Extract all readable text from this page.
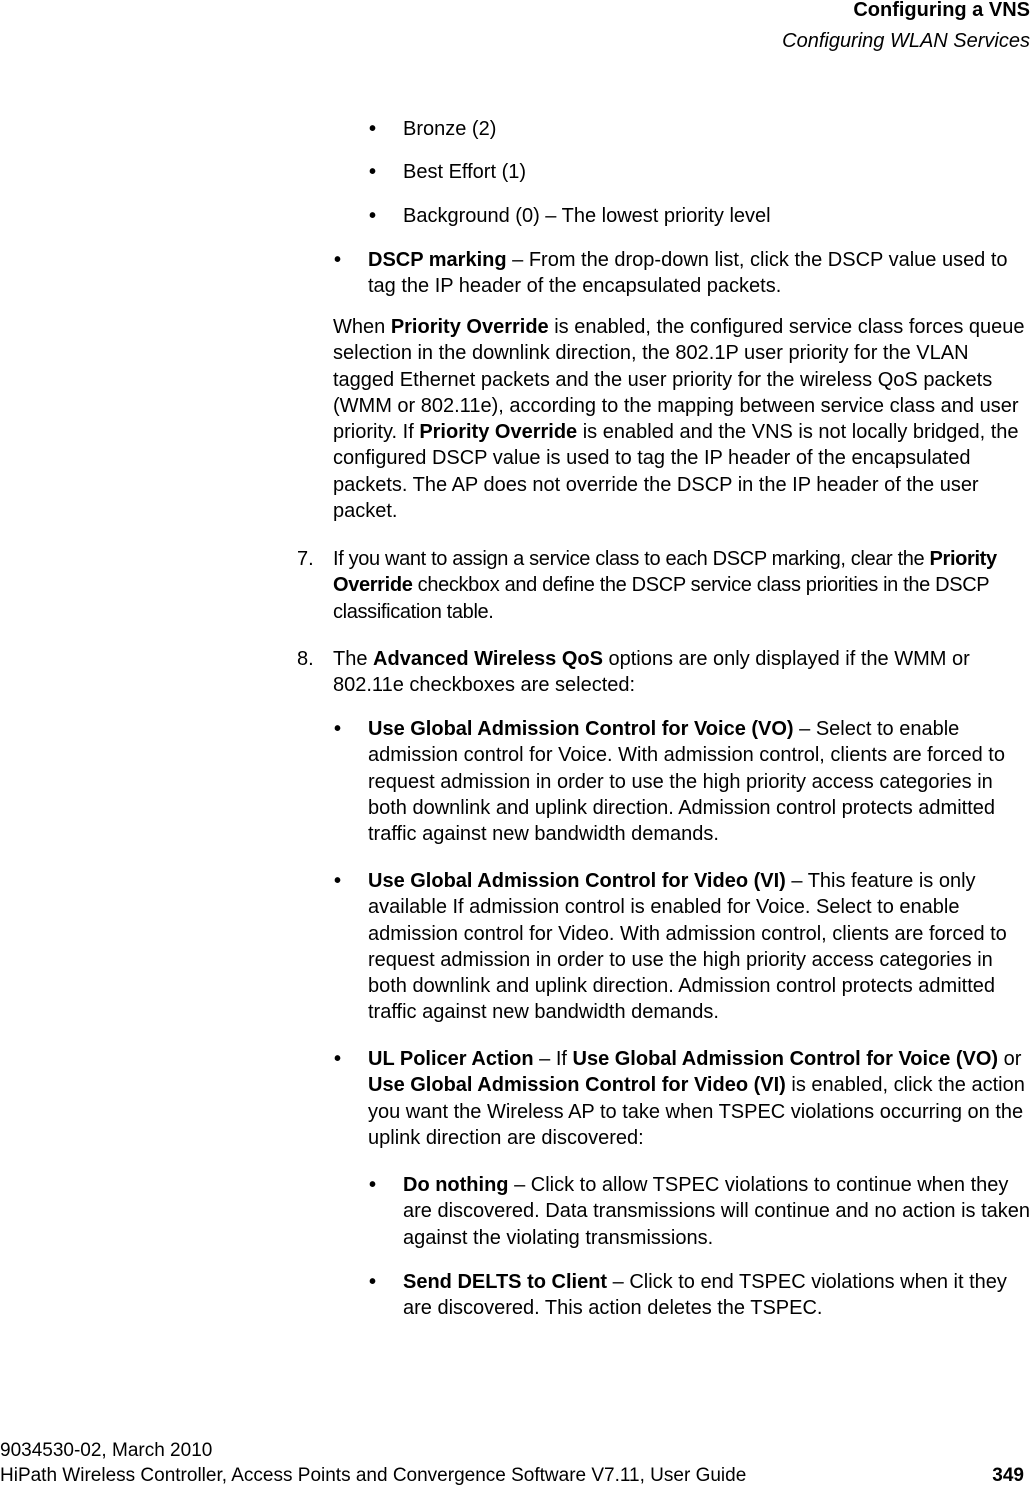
Configuring a VNS
Configuring WLAN Services
• Bronze (2)
• Best Effort (1)
• Background (0) – The lowest priority level
• DSCP marking – From the drop-down list, click the DSCP value used to tag the IP header of the encapsulated packets.
When Priority Override is enabled, the configured service class forces queue selection in the downlink direction, the 802.1P user priority for the VLAN tagged Ethernet packets and the user priority for the wireless QoS packets (WMM or 802.11e), according to the mapping between service class and user priority. If Priority Override is enabled and the VNS is not locally bridged, the configured DSCP value is used to tag the IP header of the encapsulated packets. The AP does not override the DSCP in the IP header of the user packet.
7. If you want to assign a service class to each DSCP marking, clear the Priority Override checkbox and define the DSCP service class priorities in the DSCP classification table.
8. The Advanced Wireless QoS options are only displayed if the WMM or 802.11e checkboxes are selected:
• Use Global Admission Control for Voice (VO) – Select to enable admission control for Voice. With admission control, clients are forced to request admission in order to use the high priority access categories in both downlink and uplink direction. Admission control protects admitted traffic against new bandwidth demands.
• Use Global Admission Control for Video (VI) – This feature is only available If admission control is enabled for Voice. Select to enable admission control for Video. With admission control, clients are forced to request admission in order to use the high priority access categories in both downlink and uplink direction. Admission control protects admitted traffic against new bandwidth demands.
• UL Policer Action – If Use Global Admission Control for Voice (VO) or Use Global Admission Control for Video (VI) is enabled, click the action you want the Wireless AP to take when TSPEC violations occurring on the uplink direction are discovered:
• Do nothing – Click to allow TSPEC violations to continue when they are discovered. Data transmissions will continue and no action is taken against the violating transmissions.
• Send DELTS to Client – Click to end TSPEC violations when it they are discovered. This action deletes the TSPEC.
9034530-02, March 2010
HiPath Wireless Controller, Access Points and Convergence Software V7.11, User Guide	349
